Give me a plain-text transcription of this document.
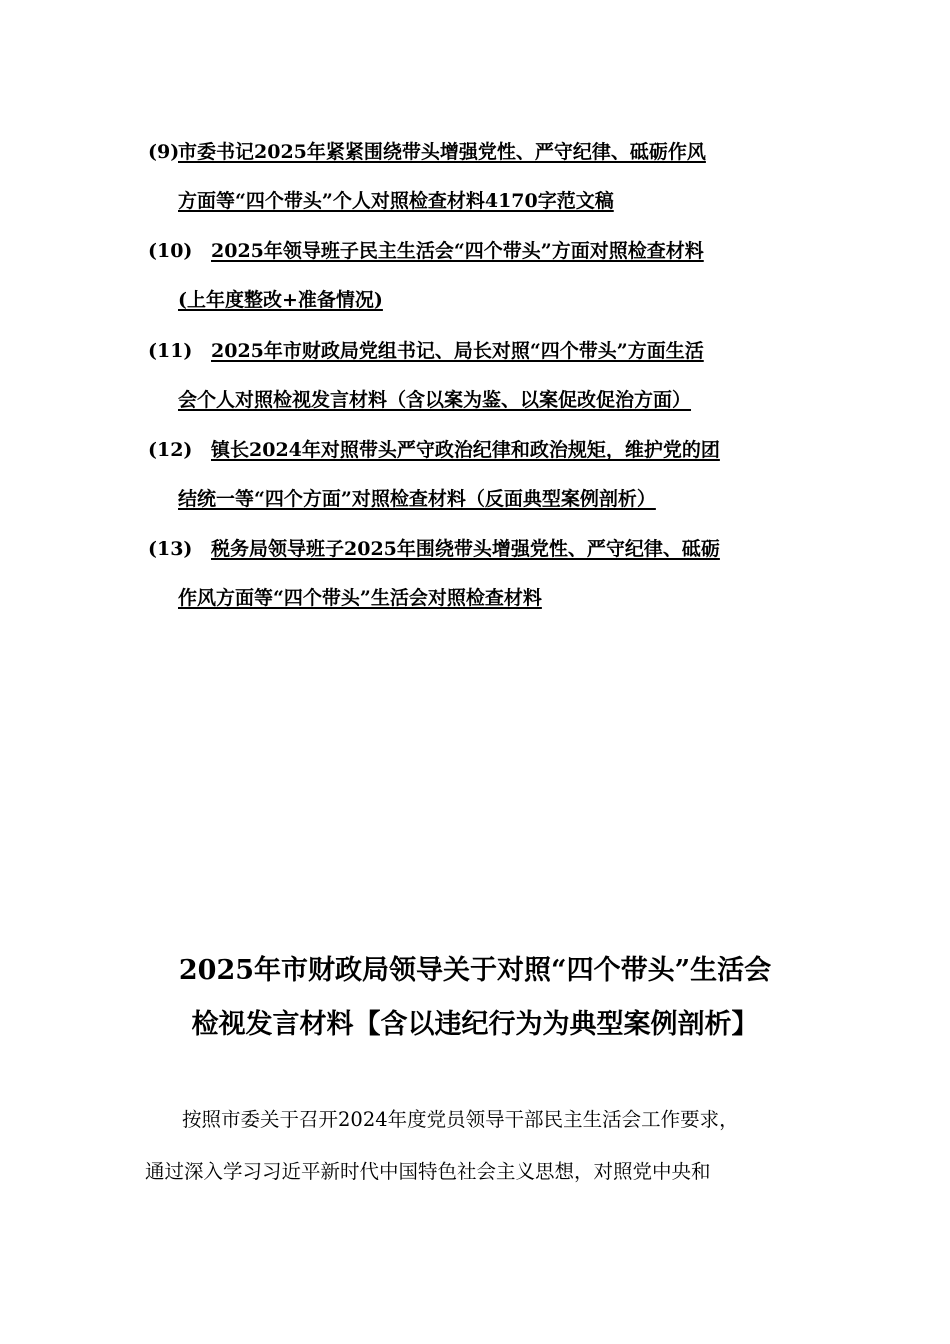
(9)
市委书记2025年紧紧围绕带头增强党性、严守纪律、砥砺作风
方面等“四个带头”个人对照检查材料4170字范文稿
(10) 2025年领导班子民主生活会“四个带头”方面对照检查材料
(上年度整改+准备情况)
(11) 2025年市财政局党组书记、局长对照“四个带头”方面生活
会个人对照检视发言材料（含以案为鉴、以案促改促治方面）
(12) 镇长2024年对照带头严守政治纪律和政治规矩，维护党的团
结统一等“四个方面”对照检查材料（反面典型案例剖析）
(13) 税务局领导班子2025年围绕带头增强党性、严守纪律、砥砺
作风方面等“四个带头”生活会对照检查材料
2025年市财政局领导关于对照“四个带头”生活会
检视发言材料【含以违纪行为为典型案例剖析】
按照市委关于召开2024年度党员领导干部民主生活会工作要求，
通过深入学习习近平新时代中国特色社会主义思想，对照党中央和
